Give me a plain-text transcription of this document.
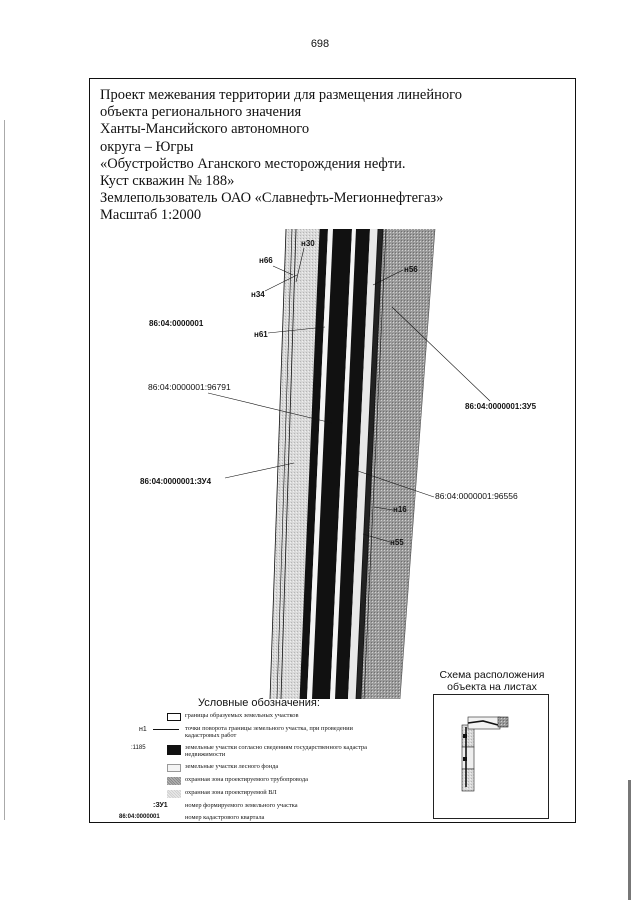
698
Проект межевания территории для размещения линейного
объекта регионального значения
Ханты-Мансийского автономного
округа – Югры
«Обустройство Аганского месторождения нефти.
Куст скважин № 188»
Землепользователь ОАО «Славнефть-Мегионнефтегаз»
Масштаб 1:2000
н30
н66
н34
н56
н61
86:04:0000001
86:04:0000001:96791
86:04:0000001:ЗУ5
86:04:0000001:ЗУ4
86:04:0000001:96556
н16
н55
Условные обозначения:
границы образуемых земельных участков
н1	точки поворота границы земельного участка, при проведении кадастровых работ
:1185	земельные участки согласно сведениям государственного кадастра недвижимости
земельные участки лесного фонда
охранная зона проектируемого трубопровода
охранная зона проектируемой ВЛ
:ЗУ1	номер формируемого земельного участка
86:04:0000001	номер кадастрового квартала
Схема расположения
объекта на листах
